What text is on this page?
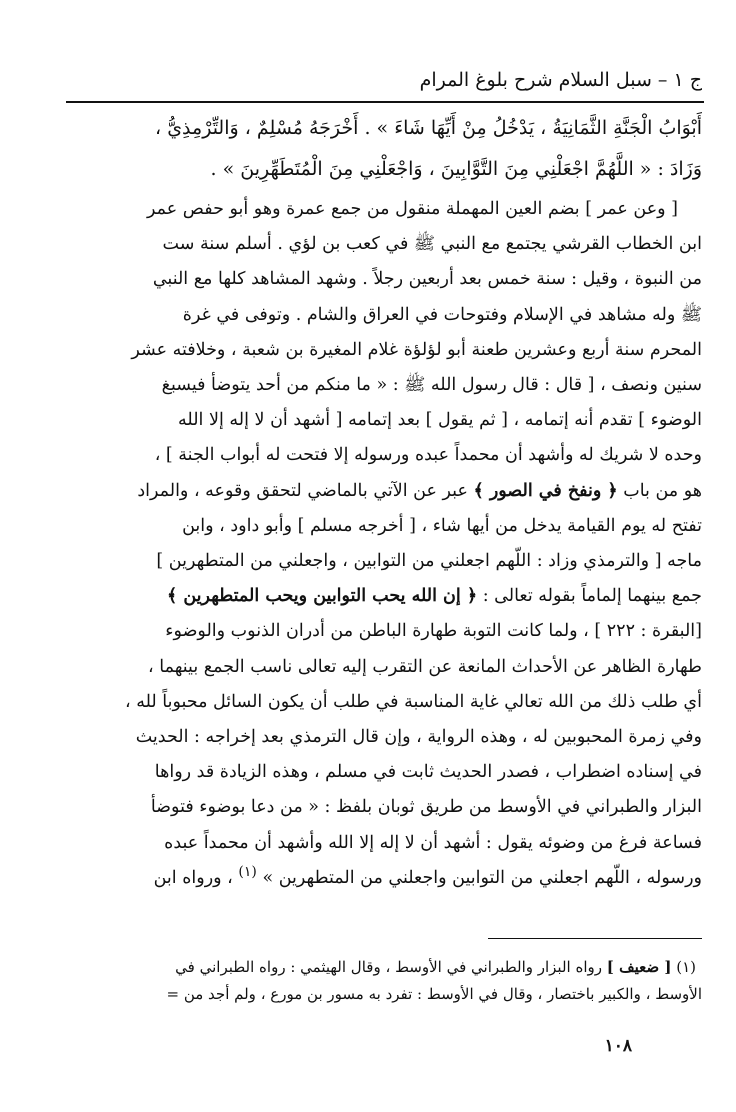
ج ١ – سبل السلام شرح بلوغ المرام
أَبْوَابُ الْجَنَّةِ الثَّمَانِيَةُ ، يَدْخُلُ مِنْ أَيِّهَا شَاءَ » . أَخْرَجَهُ مُسْلِمٌ ، وَالتِّرْمِذِيُّ ،
وَزَادَ : « اللَّهُمَّ اجْعَلْنِي مِنَ التَّوَّابِينَ ، وَاجْعَلْنِي مِنَ الْمُتَطَهِّرِينَ » .
[ وعن عمر ] بضم العين المهملة منقول من جمع عمرة وهو أبو حفص عمر
ابن الخطاب القرشي يجتمع مع النبي ﷺ في كعب بن لؤي . أسلم سنة ست
من النبوة ، وقيل : سنة خمس بعد أربعين رجلاً . وشهد المشاهد كلها مع النبي
ﷺ وله مشاهد في الإسلام وفتوحات في العراق والشام . وتوفى في غرة
المحرم سنة أربع وعشرين طعنة أبو لؤلؤة غلام المغيرة بن شعبة ، وخلافته عشر
سنين ونصف ، [ قال : قال رسول الله ﷺ : « ما منكم من أحد يتوضأ فيسبغ
الوضوء ] تقدم أنه إتمامه ، [ ثم يقول ] بعد إتمامه [ أشهد أن لا إله إلا الله
وحده لا شريك له وأشهد أن محمداً عبده ورسوله إلا فتحت له أبواب الجنة ] ،
هو من باب ﴿ ونفخ في الصور ﴾ عبر عن الآتي بالماضي لتحقق وقوعه ، والمراد
تفتح له يوم القيامة يدخل من أيها شاء ، [ أخرجه مسلم ] وأبو داود ، وابن
ماجه [ والترمذي وزاد : اللّهم اجعلني من التوابين ، واجعلني من المتطهرين ]
جمع بينهما إلماماً بقوله تعالى : ﴿ إن الله يحب التوابين ويحب المتطهرين ﴾
[البقرة : ٢٢٢ ] ، ولما كانت التوبة طهارة الباطن من أدران الذنوب والوضوء
طهارة الظاهر عن الأحداث المانعة عن التقرب إليه تعالى ناسب الجمع بينهما ،
أي طلب ذلك من الله تعالي غاية المناسبة في طلب أن يكون السائل محبوباً لله ،
وفي زمرة المحبوبين له ، وهذه الرواية ، وإن قال الترمذي بعد إخراجه : الحديث
في إسناده اضطراب ، فصدر الحديث ثابت في مسلم ، وهذه الزيادة قد رواها
البزار والطبراني في الأوسط من طريق ثوبان بلفظ : « من دعا بوضوء فتوضأ
فساعة فرغ من وضوئه يقول : أشهد أن لا إله إلا الله وأشهد أن محمداً عبده
ورسوله ، اللّهم اجعلني من التوابين واجعلني من المتطهرين » $^{(١)}$ ، ورواه ابن
(١) [ ضعيف ] رواه البزار والطبراني في الأوسط ، وقال الهيثمي : رواه الطبراني في
الأوسط ، والكبير باختصار ، وقال في الأوسط : تفرد به مسور بن مورع ، ولم أجد من =
١٠٨
